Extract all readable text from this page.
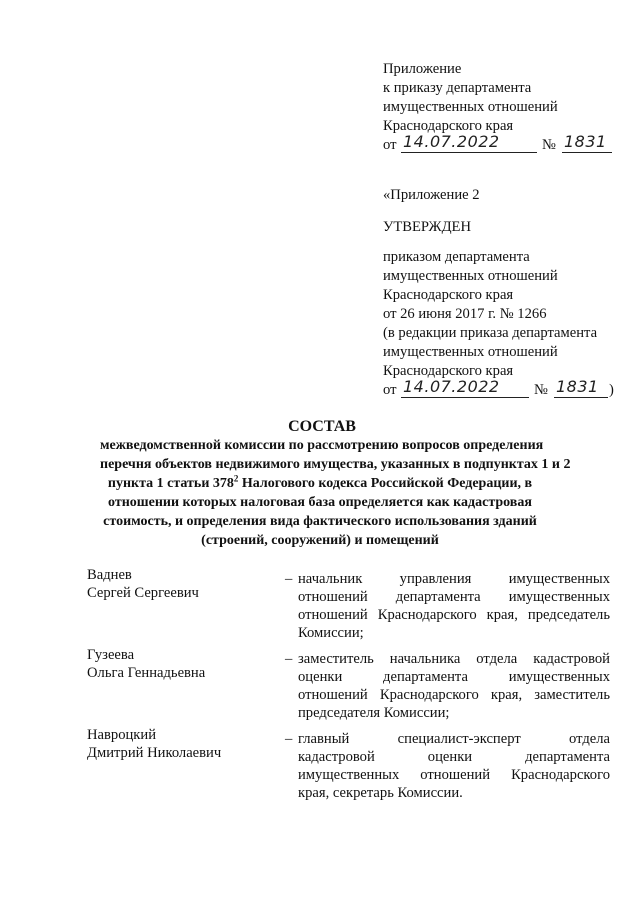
Приложение
к приказу департамента
имущественных отношений
Краснодарского края
от 14.07.2022	№ 1831
«Приложение 2
УТВЕРЖДЕН
приказом департамента
имущественных отношений
Краснодарского края
от 26 июня 2017 г. № 1266
(в редакции приказа департамента
имущественных отношений
Краснодарского края
от 14.07.2022 № 1831 )
СОСТАВ
межведомственной комиссии по рассмотрению вопросов определения
перечня объектов недвижимого имущества, указанных в подпунктах 1 и 2
пункта 1 статьи $378^2$ Налогового кодекса Российской Федерации, в
отношении которых налоговая база определяется как кадастровая
стоимость, и определения вида фактического использования зданий
(строений, сооружений) и помещений
Ваднев
Сергей Сергеевич
– начальник управления имущественных
отношений департамента имущественных
отношений Краснодарского края, председатель
Комиссии;
Гузеева
Ольга Геннадьевна
– заместитель начальника отдела кадастровой
оценки департамента имущественных
отношений Краснодарского края, заместитель
председателя Комиссии;
Навроцкий
Дмитрий Николаевич
– главный специалист-эксперт отдела
кадастровой оценки департамента
имущественных отношений Краснодарского
края, секретарь Комиссии.
